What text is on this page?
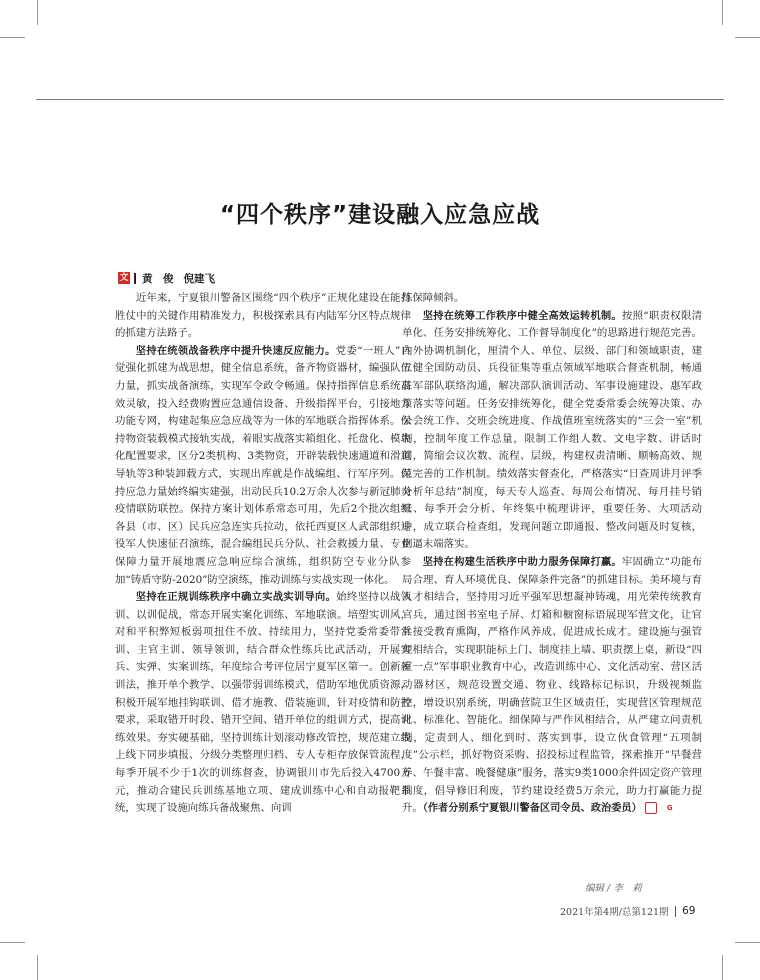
“四个秩序”建设融入应急应战
文 黄　俊 倪建飞

近年来，宁夏银川警备区围绕“四个秩序”正规化建设在能打胜仗中的关键作用精准发力，积极探索具有内陆军分区特点规律的抓建方法路子。

坚持在统领战备秩序中提升快速反应能力。党委“一班人”自觉强化抓建为战思想，健全信息系统，备齐物资器材，编强队伍力量，抓实战备演练，实现军令政令畅通。保持指挥信息系统高效灵敏，投入经费购置应急通信设备、升级指挥平台，引接地方功能专网，构建起集应急应战等为一体的军地联合指挥体系。保持物资装载模式接轨实战，着眼实战落实箱组化、托盘化、模块化配置要求，区分2类机构、3类物资，开辟装载快速通道和滑道导轨等3种装卸载方式，实现出库就是作战编组、行军序列。保持应急力量始终编实建强，出动民兵10.2万余人次参与新冠肺炎疫情联防联控。保持方案计划体系常态可用，先后2个批次组织各县（市、区）民兵应急连实兵拉动，依托西夏区人武部组织退役军人快速征召演练，混合编组民兵分队、社会救援力量、专业保障力量开展地震应急响应综合演练，组织防空专业分队参加“铸盾守防-2020”防空演练，推动训练与实战实现一体化。

坚持在正规训练秩序中确立实战实训导向。始终坚持以战领训、以训促战，常态开展实案化训练、军地联演。培塑实训风，对和平积弊短板弱项扭住不放、持续用力，坚持党委常委带常训、主官主训、领导领训，结合群众性练兵比武活动，开展实兵、实弹、实案训练，年度综合考评位居宁夏军区第一。创新新训法，推开单个教学、以强带弱训练模式，借助军地优质资源，积极开展军地挂钩联训、借才施教、借装施训，针对疫情和防控要求，采取错开时段、错开空间、错开单位的组训方式，提高训练效果。夯实硬基础，坚持训练计划滚动修改管控，规范建立线上线下同步填报、分级分类整理归档、专人专柜存放保管流程，每季开展不少于1次的训练督查，协调银川市先后投入4700万元，推动合建民兵训练基地立项、建成训练中心和自动报靶系统，实现了设施向练兵备战聚焦、向训

练保障倾斜。

坚持在统筹工作秩序中健全高效运转机制。按照“职责权限清单化、任务安排统筹化、工作督导制度化”的思路进行规范完善。内外协调机制化，厘清个人、单位、层级、部门和领域职责，建立健全国防动员、兵役征集等重点领域军地联合督查机制，畅通驻军部队联络沟通，解决部队演训活动、军事设施建设、惠军政策落实等问题。任务安排统筹化，健全党委常委会统筹决策、办公会统工作、交班会统进度、作战值班室统落实的“三会一室”机制，控制年度工作总量，限制工作组人数、文电字数、讲话时间，简缩会议次数、流程、层级，构建权责清晰、顺畅高效、规范完善的工作机制。绩效落实督查化，严格落实“日查周讲月评季分析年总结”制度，每天专人巡查、每周公布情况、每月挂号销账、每季开会分析、年终集中梳理讲评，重要任务、大项活动中，成立联合检查组，发现问题立即通报、整改问题及时复核，倒逼末端落实。

坚持在构建生活秩序中助力服务保障打赢。牢固确立“功能布局合理、育人环境优良、保障条件完备”的抓建目标。美环境与育人才相结合，坚持用习近平强军思想凝神铸魂，用光荣传统教育官兵，通过图书室电子屏、灯箱和橱窗标语展现军营文化，让官兵接受教育熏陶，严格作风养成、促进成长成才。建设施与强管理相结合，实现职能标上门、制度挂上墙、职责摆上桌，新设“四室一点”军事职业教育中心，改造训练中心、文化活动室、营区活动器材区，规范设置交通、物业、线路标记标识，升级视频监控，增设识别系统，明确营院卫生区域责任，实现营区管理规范化、标准化、智能化。细保障与严作风相结合，从严建立问责机制，定责到人、细化到时、落实到事，设立伙食管理“五项制度”公示栏，抓好物资采购、招投标过程监管，探索推开“早餐营养、午餐丰富、晚餐健康”服务，落实9类1000余件固定资产管理制度，倡导修旧利废，节约建设经费5万余元，助力打赢能力提升。（作者分别系宁夏银川警备区司令员、政治委员）	G

编辑 / 李　莉
2021年第4期/总第121期 69
